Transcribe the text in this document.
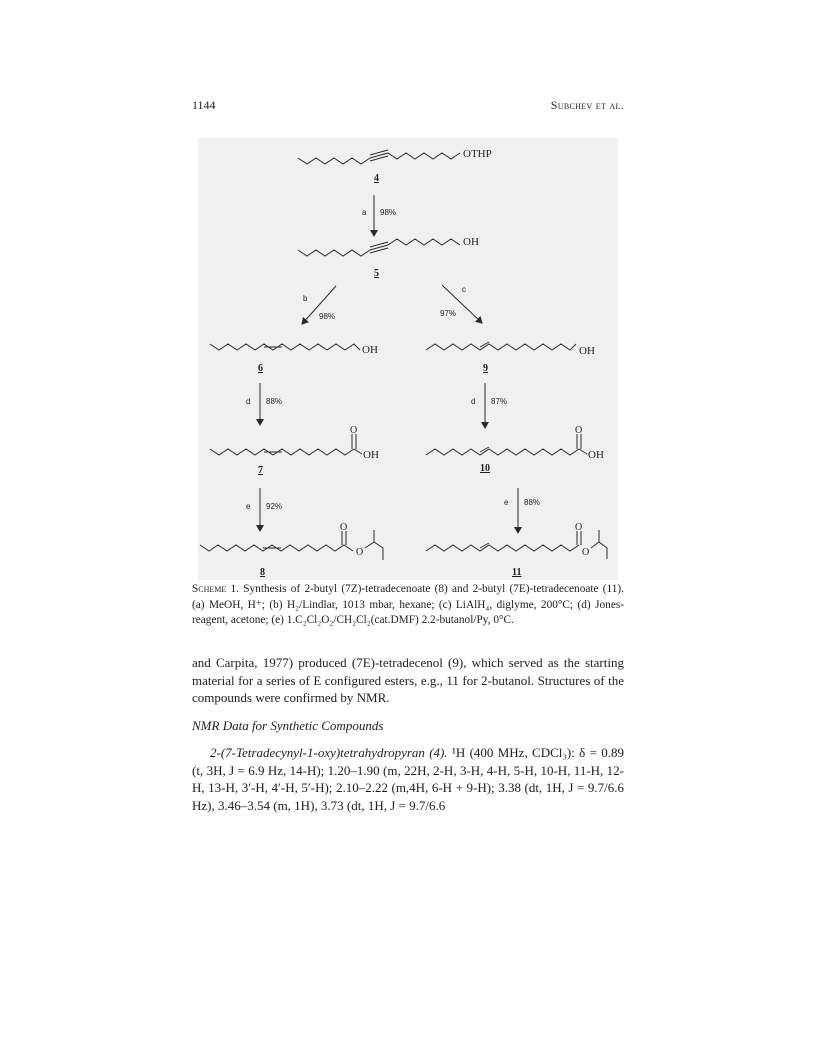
1144	Subchev et al.
OTHP
4
a 98%
OH
5
b
98%
c
97%
OH
6
OH
9
d 88%	d 87%
O
OH
7
O
OH
10
e 92%	e 88%
O
O
8
O
O
11
Scheme 1. Synthesis of 2-butyl (7Z)-tetradecenoate (8) and 2-butyl (7E)-tetradecenoate (11). (a) MeOH, H⁺; (b) H₂/Lindlar, 1013 mbar, hexane; (c) LiAlH₄, diglyme, 200°C; (d) Jones-reagent, acetone; (e) 1.C₂Cl₂O₂/CH₂Cl₂(cat.DMF) 2.2-butanol/Py, 0°C.
and Carpita, 1977) produced (7E)-tetradecenol (9), which served as the starting material for a series of E configured esters, e.g., 11 for 2-butanol. Structures of the compounds were confirmed by NMR.
NMR Data for Synthetic Compounds
2-(7-Tetradecynyl-1-oxy)tetrahydropyran (4). ¹H (400 MHz, CDCl₃): δ = 0.89 (t, 3H, J = 6.9 Hz, 14-H); 1.20–1.90 (m, 22H, 2-H, 3-H, 4-H, 5-H, 10-H, 11-H, 12-H, 13-H, 3′-H, 4′-H, 5′-H); 2.10–2.22 (m,4H, 6-H + 9-H); 3.38 (dt, 1H, J = 9.7/6.6 Hz), 3.46–3.54 (m, 1H), 3.73 (dt, 1H, J = 9.7/6.6
